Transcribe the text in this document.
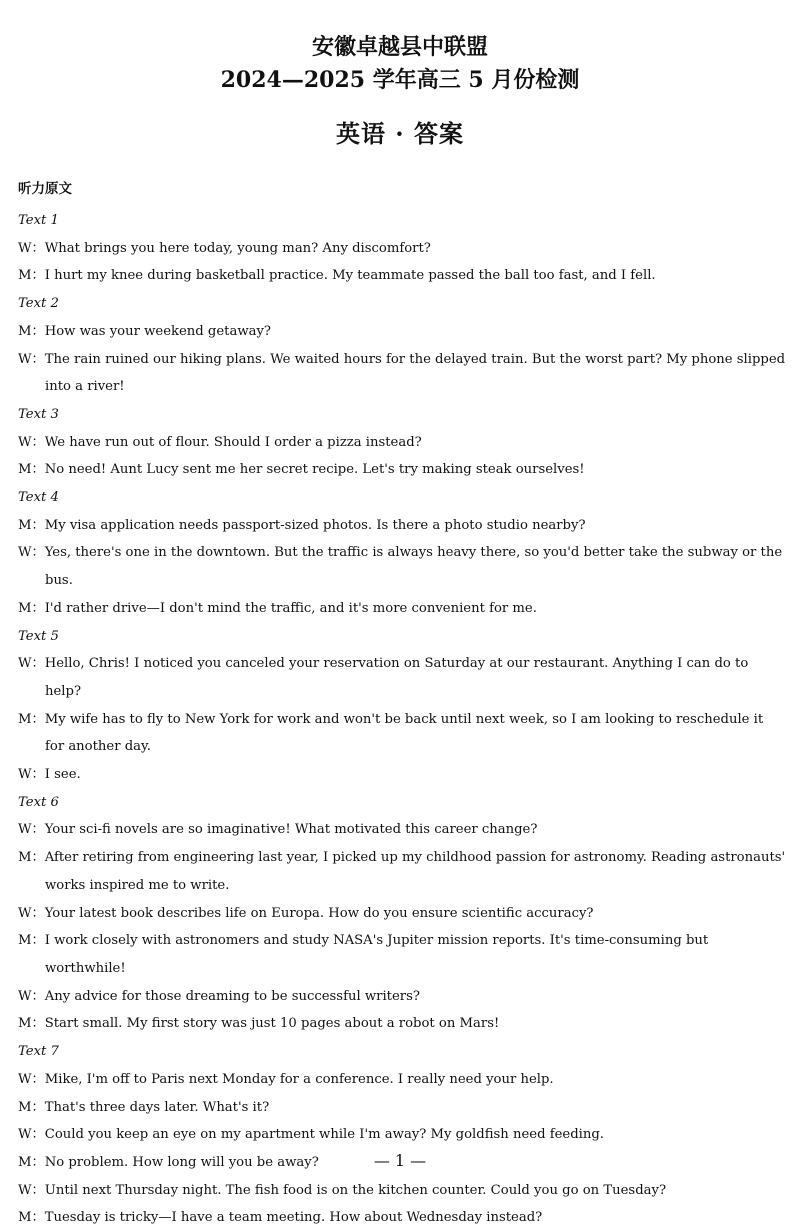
安徽卓越县中联盟
2024—2025 学年高三 5 月份检测
英语 · 答案
听力原文

Text 1

W：What brings you here today, young man? Any discomfort?

M：I hurt my knee during basketball practice. My teammate passed the ball too fast, and I fell.

Text 2

M：How was your weekend getaway?

W：The rain ruined our hiking plans. We waited hours for the delayed train. But the worst part? My phone slipped into a river!

Text 3

W：We have run out of flour. Should I order a pizza instead?

M：No need! Aunt Lucy sent me her secret recipe. Let's try making steak ourselves!

Text 4

M：My visa application needs passport-sized photos. Is there a photo studio nearby?

W：Yes, there's one in the downtown. But the traffic is always heavy there, so you'd better take the subway or the bus.

M：I'd rather drive—I don't mind the traffic, and it's more convenient for me.

Text 5

W：Hello, Chris! I noticed you canceled your reservation on Saturday at our restaurant. Anything I can do to help?

M：My wife has to fly to New York for work and won't be back until next week, so I am looking to reschedule it for another day.

W：I see.

Text 6

W：Your sci-fi novels are so imaginative! What motivated this career change?

M：After retiring from engineering last year, I picked up my childhood passion for astronomy. Reading astronauts' works inspired me to write.

W：Your latest book describes life on Europa. How do you ensure scientific accuracy?

M：I work closely with astronomers and study NASA's Jupiter mission reports. It's time-consuming but worthwhile!

W：Any advice for those dreaming to be successful writers?

M：Start small. My first story was just 10 pages about a robot on Mars!

Text 7

W：Mike, I'm off to Paris next Monday for a conference. I really need your help.

M：That's three days later. What's it?

W：Could you keep an eye on my apartment while I'm away? My goldfish need feeding.

M：No problem. How long will you be away?

W：Until next Thursday night. The fish food is on the kitchen counter. Could you go on Tuesday?

M：Tuesday is tricky—I have a team meeting. How about Wednesday instead?

— 1 —
